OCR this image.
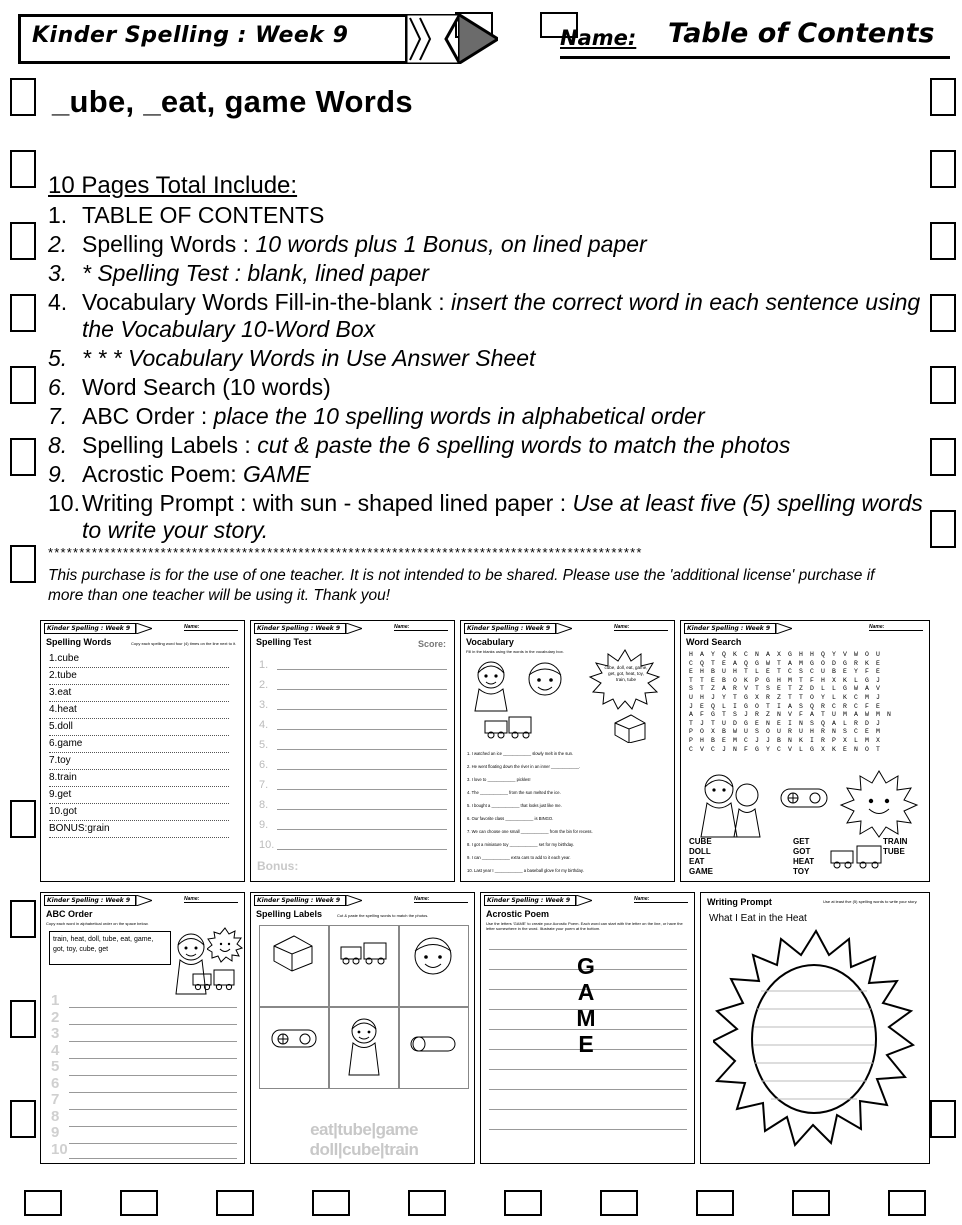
Kinder Spelling : Week 9	Name: Table of Contents
_ube, _eat, game Words
10 Pages Total Include:
1. TABLE OF CONTENTS
2. Spelling Words : 10 words plus 1 Bonus, on lined paper
3. * Spelling Test : blank, lined paper
4. Vocabulary Words Fill-in-the-blank : insert the correct word in each sentence using the Vocabulary 10-Word Box
5. * * * Vocabulary Words in Use Answer Sheet
6. Word Search (10 words)
7. ABC Order : place the 10 spelling words in alphabetical order
8. Spelling Labels : cut & paste the 6 spelling words to match the photos
9. Acrostic Poem: GAME
10. Writing Prompt : with sun - shaped lined paper : Use at least five (5) spelling words to write your story.
***********************************************************************************************
This purchase is for the use of one teacher. It is not intended to be shared. Please use the 'additional license' purchase if more than one teacher will be using it. Thank you!
Kinder Spelling : Week 9	Name:
Spelling Words	Copy each spelling word four (4) times on the line next to it.
1.cube
2.tube
3.eat
4.heat
5.doll
6.game
7.toy
8.train
9.get
10.got
BONUS:grain
Kinder Spelling : Week 9	Name:
Spelling Test	Score:
1.
2.
3.
4.
5.
6.
7.
8.
9.
10.
Bonus:
Kinder Spelling : Week 9	Name:
Vocabulary
Fill in the blanks using the words in the vocabulary box.
cube, doll, eat, game, get, got, heat, toy, train, tube
1. I watched an ice ____________ slowly melt in the sun.
2. He went floating down the river in an inner ____________.
3. I love to ____________ pickles!
4. The ____________ from the sun melted the ice.
5. I bought a ____________ that looks just like me.
6. Our favorite class ____________ is BINGO.
7. We can choose one small ____________ from the bin for recess.
8. I got a miniature toy ____________ set for my birthday.
9. I can ____________ extra cars to add to it each year.
10. Last year I ____________ a baseball glove for my birthday.
Kinder Spelling : Week 9	Name:
Word Search
H A Y Q K C N A X G H H Q Y V W O U
C Q T E A Q G W T A M G O D G R K E
E H B U H T L E T C S C U B E Y F E
T T E B O K P G H M T F H X K L G J
S T Z A R V T S E T Z D L L G W A V
U H J Y T G X R Z T T O Y L K C M J
J E Q L I G O T I A S Q R C R C F E
A F G T S J R Z N V F A T U M A W M N
T J T U D G E N E I N S Q A L R D J
P O X B W U S O U R U H R N S C E M
P H B E M C J J B N K I R P X L M X
C V C J N F G Y C V L G X K E N O T
CUBE
DOLL
EAT
GAME
GET
GOT
HEAT
TOY
TRAIN
TUBE
Kinder Spelling : Week 9	Name:
ABC Order
Copy each word in alphabetical order on the space below.
train, heat, doll, tube, eat, game, got, toy, cube, get
1
2
3
4
5
6
7
8
9
10
Kinder Spelling : Week 9	Name:
Spelling Labels	Cut & paste the spelling words to match the photos.
eat|tube|game
doll|cube|train
Kinder Spelling : Week 9	Name:
Acrostic Poem
Use the letters 'GAME' to create your Acrostic Poem. Each word can start with the letter on the line, or have the letter somewhere in the word. Illustrate your poem at the bottom.
G
A
M
E
Writing Prompt	Use at least five (5) spelling words to write your story.
What I Eat in the Heat
